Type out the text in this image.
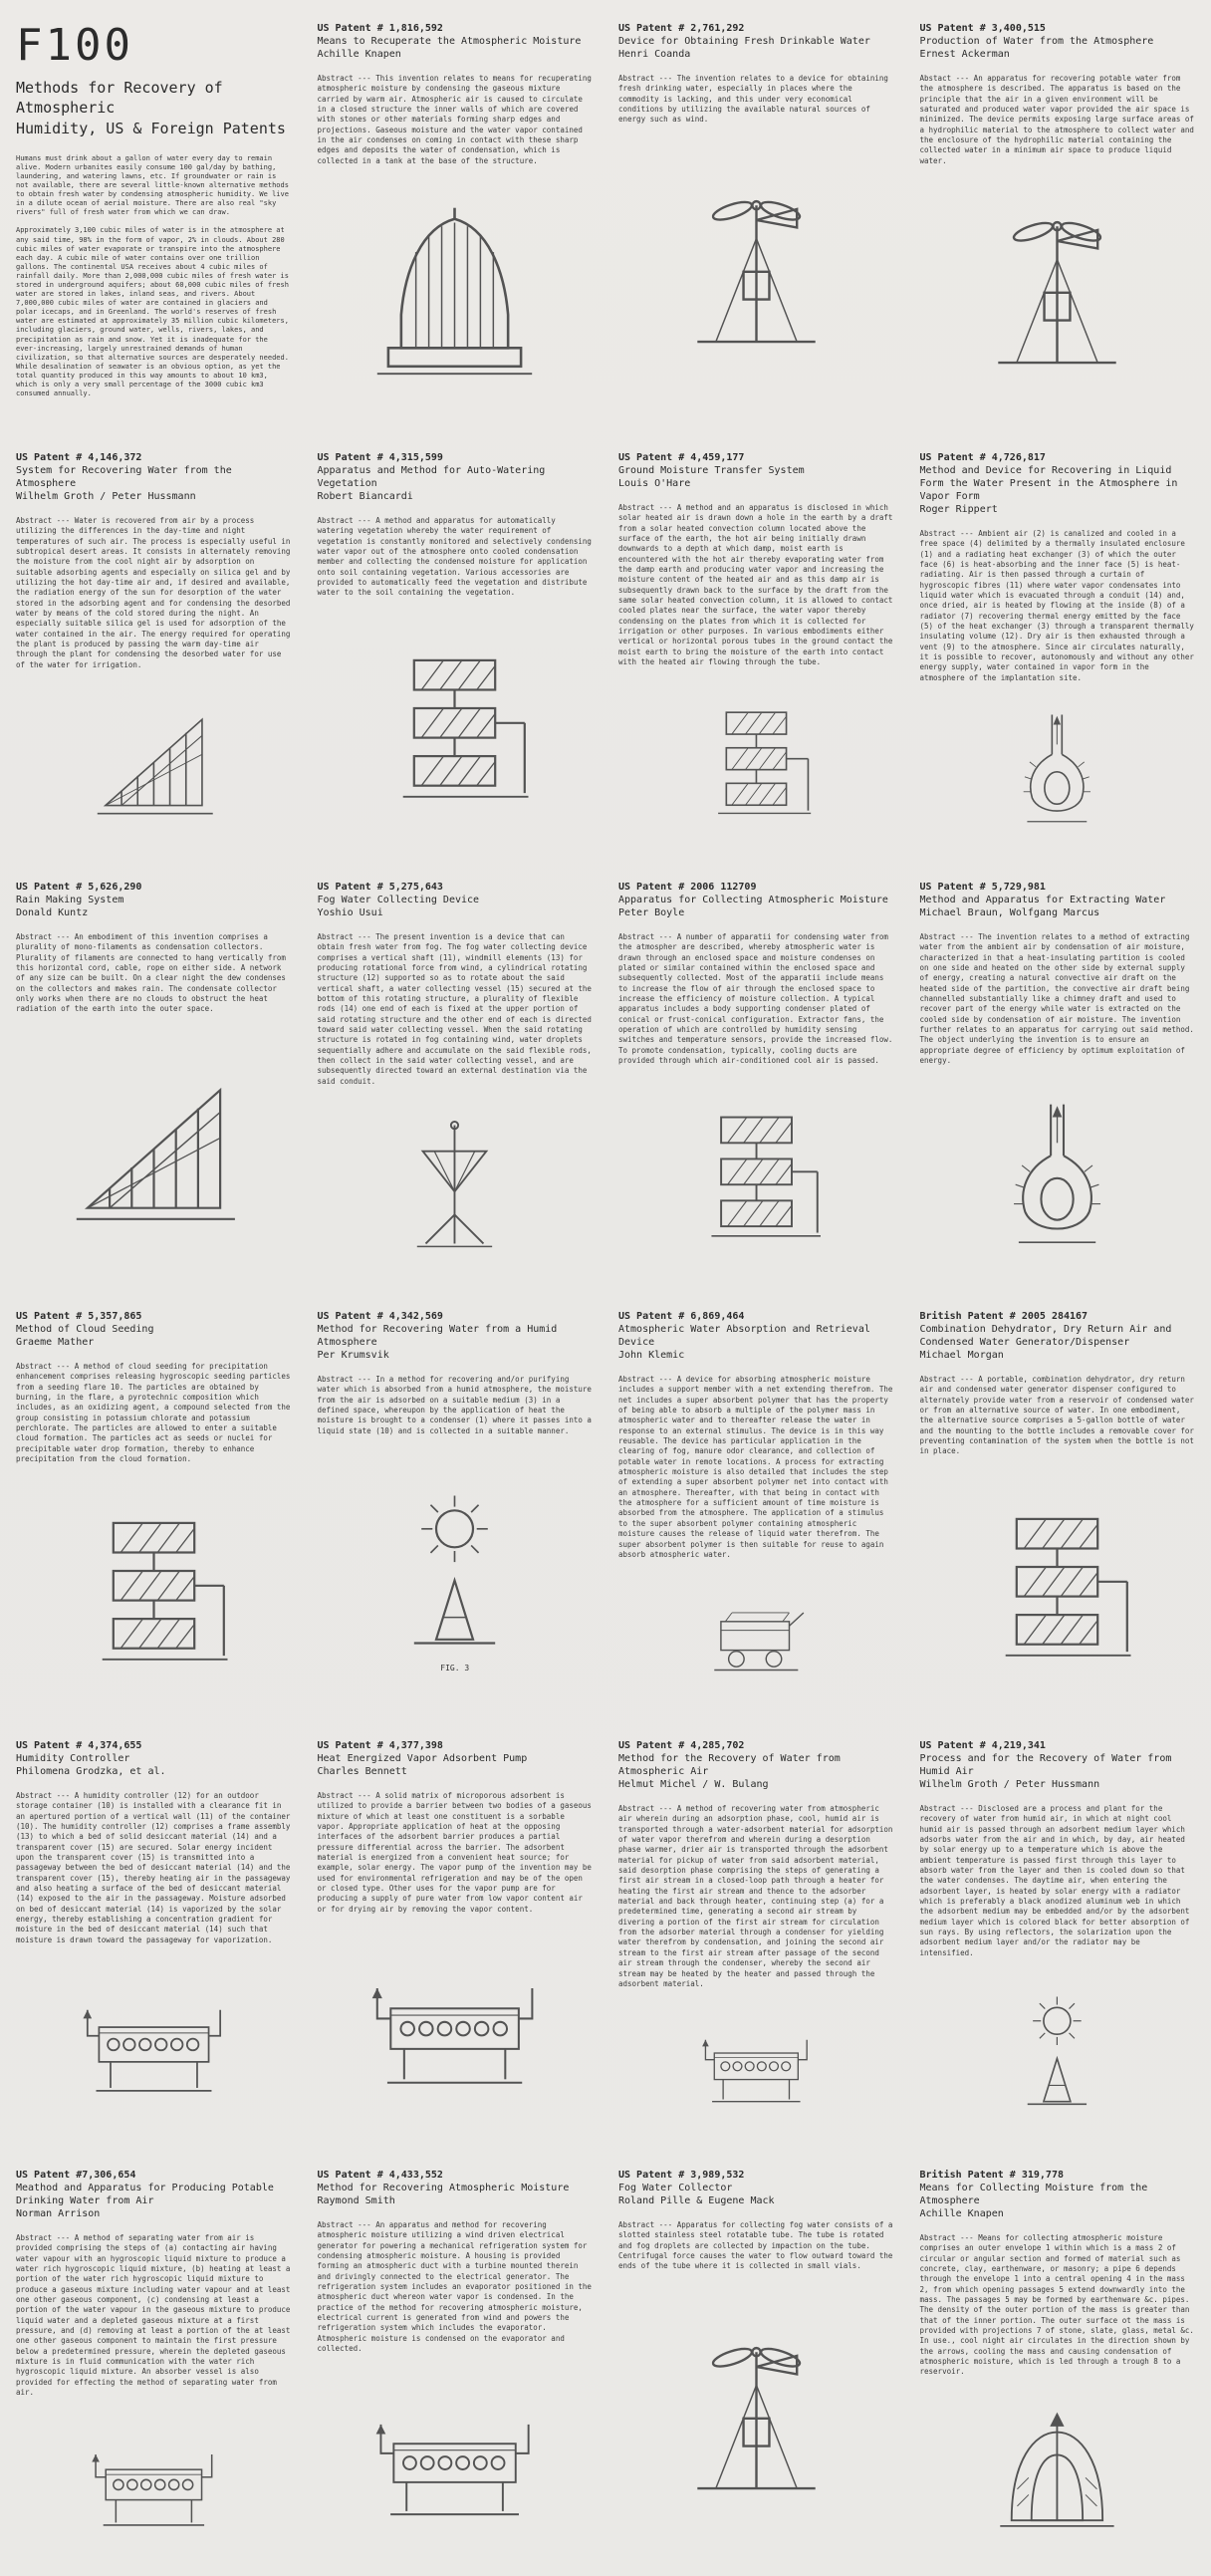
F100
Methods for Recovery of Atmospheric
Humidity, US & Foreign Patents

Humans must drink about a gallon of water every day to remain alive. Modern urbanites easily consume 100 gal/day by bathing, laundering, and watering lawns, etc. If groundwater or rain is not available, there are several little-known alternative methods to obtain fresh water by condensing atmospheric humidity. We live in a dilute ocean of aerial moisture. There are also real "sky rivers" full of fresh water from which we can draw.

Approximately 3,100 cubic miles of water is in the atmosphere at any said time, 98% in the form of vapor, 2% in clouds. About 280 cubic miles of water evaporate or transpire into the atmosphere each day. A cubic mile of water contains over one trillion gallons. The continental USA receives about 4 cubic miles of rainfall daily. More than 2,000,000 cubic miles of fresh water is stored in underground aquifers; about 60,000 cubic miles of fresh water are stored in lakes, inland seas, and rivers. About 7,000,000 cubic miles of water are contained in glaciers and polar icecaps, and in Greenland. The world's reserves of fresh water are estimated at approximately 35 million cubic kilometers, including glaciers, ground water, wells, rivers, lakes, and precipitation as rain and snow. Yet it is inadequate for the ever-increasing, largely unrestrained demands of human civilization, so that alternative sources are desperately needed. While desalination of seawater is an obvious option, as yet the total quantity produced in this way amounts to about 10 km3, which is only a very small percentage of the 3000 cubic km3 consumed annually.

US Patent # 1,816,592
Means to Recuperate the Atmospheric Moisture
Achille Knapen

Abstract --- This invention relates to means for recuperating atmospheric moisture by condensing the gaseous mixture carried by warm air. Atmospheric air is caused to circulate in a closed structure the inner walls of which are covered with stones or other materials forming sharp edges and projections. Gaseous moisture and the water vapor contained in the air condenses on coming in contact with these sharp edges and deposits the water of condensation, which is collected in a tank at the base of the structure.

US Patent # 2,761,292
Device for Obtaining Fresh Drinkable Water
Henri Coanda

Abstract --- The invention relates to a device for obtaining fresh drinking water, especially in places where the commodity is lacking, and this under very economical conditions by utilizing the available natural sources of energy such as wind.

US Patent # 3,400,515
Production of Water from the Atmosphere
Ernest Ackerman

Abstact --- An apparatus for recovering potable water from the atmosphere is described. The apparatus is based on the principle that the air in a given environment will be saturated and produced water vapor provided the air space is minimized. The device permits exposing large surface areas of a hydrophilic material to the atmosphere to collect water and the enclosure of the hydrophilic material containing the collected water in a minimum air space to produce liquid water.

US Patent # 4,146,372
System for Recovering Water from the Atmosphere
Wilhelm Groth / Peter Hussmann

Abstract --- Water is recovered from air by a process utilizing the differences in the day-time and night temperatures of such air. The process is especially useful in subtropical desert areas. It consists in alternately removing the moisture from the cool night air by adsorption on suitable adsorbing agents and especially on silica gel and by utilizing the hot day-time air and, if desired and available, the radiation energy of the sun for desorption of the water stored in the adsorbing agent and for condensing the desorbed water by means of the cold stored during the night. An especially suitable silica gel is used for adsorption of the water contained in the air. The energy required for operating the plant is produced by passing the warm day-time air through the plant for condensing the desorbed water for use of the water for irrigation.

US Patent # 4,315,599
Apparatus and Method for Auto-Watering Vegetation
Robert Biancardi

Abstract --- A method and apparatus for automatically watering vegetation whereby the water requirement of vegetation is constantly monitored and selectively condensing water vapor out of the atmosphere onto cooled condensation member and collecting the condensed moisture for application onto soil containing vegetation. Various accessories are provided to automatically feed the vegetation and distribute water to the soil containing the vegetation.

US Patent # 4,459,177
Ground Moisture Transfer System
Louis O'Hare

Abstract --- A method and an apparatus is disclosed in which solar heated air is drawn down a hole in the earth by a draft from a solar heated convection column located above the surface of the earth, the hot air being initially drawn downwards to a depth at which damp, moist earth is encountered with the hot air thereby evaporating water from the damp earth and producing water vapor and increasing the moisture content of the heated air and as this damp air is subsequently drawn back to the surface by the draft from the same solar heated convection column, it is allowed to contact cooled plates near the surface, the water vapor thereby condensing on the plates from which it is collected for irrigation or other purposes. In various embodiments either vertical or horizontal porous tubes in the ground contact the moist earth to bring the moisture of the earth into contact with the heated air flowing through the tube.

US Patent # 4,726,817
Method and Device for Recovering in Liquid Form the Water Present in the Atmosphere in Vapor Form
Roger Rippert

Abstract --- Ambient air (2) is canalized and cooled in a free space (4) delimited by a thermally insulated enclosure (1) and a radiating heat exchanger (3) of which the outer face (6) is heat-absorbing and the inner face (5) is heat-radiating. Air is then passed through a curtain of hygroscopic fibres (11) where water vapor condensates into liquid water which is evacuated through a conduit (14) and, once dried, air is heated by flowing at the inside (8) of a radiator (7) recovering thermal energy emitted by the face (5) of the heat exchanger (3) through a transparent thermally insulating volume (12). Dry air is then exhausted through a vent (9) to the atmosphere. Since air circulates naturally, it is possible to recover, autonomously and without any other energy supply, water contained in vapor form in the atmosphere of the implantation site.

US Patent # 5,626,290
Rain Making System
Donald Kuntz

Abstract --- An embodiment of this invention comprises a plurality of mono-filaments as condensation collectors. Plurality of filaments are connected to hang vertically from this horizontal cord, cable, rope on either side. A network of any size can be built. On a clear night the dew condenses on the collectors and makes rain. The condensate collector only works when there are no clouds to obstruct the heat radiation of the earth into the outer space.

US Patent # 5,275,643
Fog Water Collecting Device
Yoshio Usui

Abstract --- The present invention is a device that can obtain fresh water from fog. The fog water collecting device comprises a vertical shaft (11), windmill elements (13) for producing rotational force from wind, a cylindrical rotating structure (12) supported so as to rotate about the said vertical shaft, a water collecting vessel (15) secured at the bottom of this rotating structure, a plurality of flexible rods (14) one end of each is fixed at the upper portion of said rotating structure and the other end of each is directed toward said water collecting vessel. When the said rotating structure is rotated in fog containing wind, water droplets sequentially adhere and accumulate on the said flexible rods, then collect in the said water collecting vessel, and are subsequently directed toward an external destination via the said conduit.

US Patent # 2006 112709
Apparatus for Collecting Atmospheric Moisture
Peter Boyle

Abstract --- A number of apparatii for condensing water from the atmospher are described, whereby atmospheric water is drawn through an enclosed space and moisture condenses on plated or similar contained within the enclosed space and subsequently collected. Most of the apparatii include means to increase the flow of air through the enclosed space to increase the efficiency of moisture collection. A typical apparatus includes a body supporting condenser plated of conical or frust-conical configuration. Extractor fans, the operation of which are controlled by humidity sensing switches and temperature sensors, provide the increased flow. To promote condensation, typically, cooling ducts are provided through which air-conditioned cool air is passed.

US Patent # 5,729,981
Method and Apparatus for Extracting Water
Michael Braun, Wolfgang Marcus

Abstract --- The invention relates to a method of extracting water from the ambient air by condensation of air moisture, characterized in that a heat-insulating partition is cooled on one side and heated on the other side by external supply of energy, creating a natural convective air draft on the heated side of the partition, the convective air draft being channelled substantially like a chimney draft and used to recover part of the energy while water is extracted on the cooled side by condensation of air moisture. The invention further relates to an apparatus for carrying out said method. The object underlying the invention is to ensure an appropriate degree of efficiency by optimum exploitation of energy.

US Patent # 5,357,865
Method of Cloud Seeding
Graeme Mather

Abstract --- A method of cloud seeding for precipitation enhancement comprises releasing hygroscopic seeding particles from a seeding flare 10. The particles are obtained by burning, in the flare, a pyrotechnic composition which includes, as an oxidizing agent, a compound selected from the group consisting in potassium chlorate and potassium perchlorate. The particles are allowed to enter a suitable cloud formation. The particles act as seeds or nuclei for precipitable water drop formation, thereby to enhance precipitation from the cloud formation.

US Patent # 4,342,569
Method for Recovering Water from a Humid Atmosphere
Per Krumsvik

Abstract --- In a method for recovering and/or purifying water which is absorbed from a humid atmosphere, the moisture from the air is adsorbed on a suitable medium (3) in a defined space, whereupon by the application of heat the moisture is brought to a condenser (1) where it passes into a liquid state (10) and is collected in a suitable manner.

FIG. 3
US Patent # 6,869,464
Atmospheric Water Absorption and Retrieval Device
John Klemic

Abstract --- A device for absorbing atmospheric moisture includes a support member with a net extending therefrom. The net includes a super absorbent polymer that has the property of being able to absorb a multiple of the polymer mass in atmospheric water and to thereafter release the water in response to an external stimulus. The device is in this way reusable. The device has particular application in the clearing of fog, manure odor clearance, and collection of potable water in remote locations. A process for extracting atmospheric moisture is also detailed that includes the step of extending a super absorbent polymer net into contact with an atmosphere. Thereafter, with that being in contact with the atmosphere for a sufficient amount of time moisture is absorbed from the atmosphere. The application of a stimulus to the super absorbent polymer containing atmospheric moisture causes the release of liquid water therefrom. The super absorbent polymer is then suitable for reuse to again absorb atmospheric water.

British Patent # 2005 284167
Combination Dehydrator, Dry Return Air and Condensed Water Generator/Dispenser
Michael Morgan

Abstract --- A portable, combination dehydrator, dry return air and condensed water generator dispenser configured to alternately provide water from a reservoir of condensed water or from an alternative source of water. In one embodiment, the alternative source comprises a 5-gallon bottle of water and the mounting to the bottle includes a removable cover for preventing contamination of the system when the bottle is not in place.

US Patent # 4,374,655
Humidity Controller
Philomena Grodzka, et al.

Abstract --- A humidity controller (12) for an outdoor storage container (10) is installed with a clearance fit in an apertured portion of a vertical wall (11) of the container (10). The humidity controller (12) comprises a frame assembly (13) to which a bed of solid desiccant material (14) and a transparent cover (15) are secured. Solar energy incident upon the transparent cover (15) is transmitted into a passageway between the bed of desiccant material (14) and the transparent cover (15), thereby heating air in the passageway and also heating a surface of the bed of desiccant material (14) exposed to the air in the passageway. Moisture adsorbed on bed of desiccant material (14) is vaporized by the solar energy, thereby establishing a concentration gradient for moisture in the bed of desiccant material (14) such that moisture is drawn toward the passageway for vaporization.

US Patent # 4,377,398
Heat Energized Vapor Adsorbent Pump
Charles Bennett

Abstract --- A solid matrix of microporous adsorbent is utilized to provide a barrier between two bodies of a gaseous mixture of which at least one constituent is a sorbable vapor. Appropriate application of heat at the opposing interfaces of the adsorbent barrier produces a partial pressure differential across the barrier. The adsorbent material is energized from a convenient heat source; for example, solar energy. The vapor pump of the invention may be used for environmental refrigeration and may be of the open or closed type. Other uses for the vapor pump are for producing a supply of pure water from low vapor content air or for drying air by removing the vapor content.

US Patent # 4,285,702
Method for the Recovery of Water from Atmospheric Air
Helmut Michel / W. Bulang

Abstract --- A method of recovering water from atmospheric air wherein during an adsorption phase, cool, humid air is transported through a water-adsorbent material for adsorption of water vapor therefrom and wherein during a desorption phase warmer, drier air is transported through the adsorbent material for pickup of water from said adsorbent material, said desorption phase comprising the steps of generating a first air stream in a closed-loop path through a heater for heating the first air stream and thence to the adsorber material and back through heater, continuing step (a) for a predetermined time, generating a second air stream by divering a portion of the first air stream for circulation from the adsorber material through a condenser for yielding water therefrom by condensation, and joining the second air stream to the first air stream after passage of the second air stream through the condenser, whereby the second air stream may be heated by the heater and passed through the adsorbent material.

US Patent # 4,219,341
Process and for the Recovery of Water from Humid Air
Wilhelm Groth / Peter Hussmann

Abstract --- Disclosed are a process and plant for the recovery of water from humid air, in which at night cool humid air is passed through an adsorbent medium layer which adsorbs water from the air and in which, by day, air heated by solar energy up to a temperature which is above the ambient temperature is passed first through this layer to absorb water from the layer and then is cooled down so that the water condenses. The daytime air, when entering the adsorbent layer, is heated by solar energy with a radiator which is preferably a black anodized aluminum web in which the adsorbent medium may be embedded and/or by the adsorbent medium layer which is colored black for better absorption of sun rays. By using reflectors, the solarization upon the adsorbent medium layer and/or the radiator may be intensified.

US Patent #7,306,654
Meathod and Apparatus for Producing Potable Drinking Water from Air
Norman Arrison

Abstract --- A method of separating water from air is provided comprising the steps of (a) contacting air having water vapour with an hygroscopic liquid mixture to produce a water rich hygroscopic liquid mixture, (b) heating at least a portion of the water rich hygroscopic liquid mixture to produce a gaseous mixture including water vapour and at least one other gaseous component, (c) condensing at least a portion of the water vapour in the gaseous mixture to produce liquid water and a depleted gaseous mixture at a first pressure, and (d) removing at least a portion of the at least one other gaseous component to maintain the first pressure below a predetermined pressure, wherein the depleted gaseous mixture is in fluid communication with the water rich hygroscopic liquid mixture. An absorber vessel is also provided for effecting the method of separating water from air.

US Patent # 4,433,552
Method for Recovering Atmospheric Moisture
Raymond Smith

Abstract --- An apparatus and method for recovering atmospheric moisture utilizing a wind driven electrical generator for powering a mechanical refrigeration system for condensing atmospheric moisture. A housing is provided forming an atmospheric duct with a turbine mounted therein and drivingly connected to the electrical generator. The refrigeration system includes an evaporator positioned in the atmospheric duct whereon water vapor is condensed. In the practice of the method for recovering atmospheric moisture, electrical current is generated from wind and powers the refrigeration system which includes the evaporator. Atmospheric moisture is condensed on the evaporator and collected.

US Patent # 3,989,532
Fog Water Collector
Roland Pille & Eugene Mack

Abstract --- Apparatus for collecting fog water consists of a slotted stainless steel rotatable tube. The tube is rotated and fog droplets are collected by impaction on the tube. Centrifugal force causes the water to flow outward toward the ends of the tube where it is collected in small vials.

British Patent # 319,778
Means for Collecting Moisture from the Atmosphere
Achille Knapen

Abstract --- Means for collecting atmospheric moisture comprises an outer envelope 1 within which is a mass 2 of circular or angular section and formed of material such as concrete, clay, earthenware, or masonry; a pipe 6 depends through the envelope 1 into a central opening 4 in the mass 2, from which opening passages 5 extend downwardly into the mass. The passages 5 may be formed by earthenware &c. pipes. The density of the outer portion of the mass is greater than that of the inner portion. The outer surface ot the mass is provided with projections 7 of stone, slate, glass, metal &c. In use., cool night air circulates in the direction shown by the arrows, cooling the mass and causing condensation of atmospheric moisture, which is led through a trough 8 to a reservoir.
